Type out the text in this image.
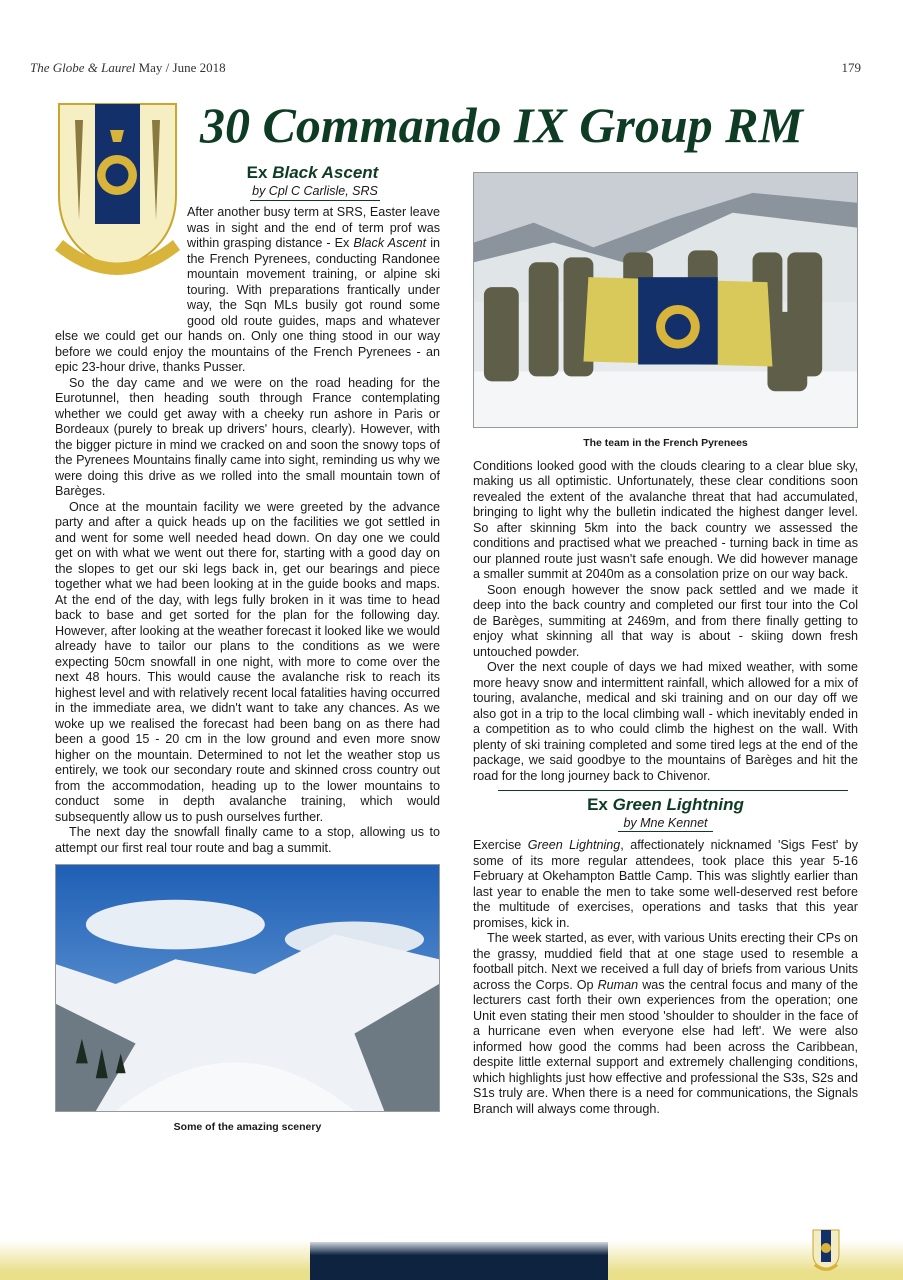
The Globe & Laurel May / June 2018	179
30 Commando IX Group RM
Ex Black Ascent
by Cpl C Carlisle, SRS

After another busy term at SRS, Easter leave was in sight and the end of term prof was within grasping distance - Ex Black Ascent in the French Pyrenees, conducting Randonee mountain movement training, or alpine ski touring. With preparations frantically under way, the Sqn MLs busily got round some good old route guides, maps and whatever else we could get our hands on. Only one thing stood in our way before we could enjoy the mountains of the French Pyrenees - an epic 23-hour drive, thanks Pusser.

So the day came and we were on the road heading for the Eurotunnel, then heading south through France contemplating whether we could get away with a cheeky run ashore in Paris or Bordeaux (purely to break up drivers' hours, clearly). However, with the bigger picture in mind we cracked on and soon the snowy tops of the Pyrenees Mountains finally came into sight, reminding us why we were doing this drive as we rolled into the small mountain town of Barèges.

Once at the mountain facility we were greeted by the advance party and after a quick heads up on the facilities we got settled in and went for some well needed head down. On day one we could get on with what we went out there for, starting with a good day on the slopes to get our ski legs back in, get our bearings and piece together what we had been looking at in the guide books and maps. At the end of the day, with legs fully broken in it was time to head back to base and get sorted for the plan for the following day. However, after looking at the weather forecast it looked like we would already have to tailor our plans to the conditions as we were expecting 50cm snowfall in one night, with more to come over the next 48 hours. This would cause the avalanche risk to reach its highest level and with relatively recent local fatalities having occurred in the immediate area, we didn't want to take any chances. As we woke up we realised the forecast had been bang on as there had been a good 15 - 20 cm in the low ground and even more snow higher on the mountain. Determined to not let the weather stop us entirely, we took our secondary route and skinned cross country out from the accommodation, heading up to the lower mountains to conduct some in depth avalanche training, which would subsequently allow us to push ourselves further.

The next day the snowfall finally came to a stop, allowing us to attempt our first real tour route and bag a summit.

Some of the amazing scenery
The team in the French Pyrenees

Conditions looked good with the clouds clearing to a clear blue sky, making us all optimistic. Unfortunately, these clear conditions soon revealed the extent of the avalanche threat that had accumulated, bringing to light why the bulletin indicated the highest danger level. So after skinning 5km into the back country we assessed the conditions and practised what we preached - turning back in time as our planned route just wasn't safe enough. We did however manage a smaller summit at 2040m as a consolation prize on our way back.

Soon enough however the snow pack settled and we made it deep into the back country and completed our first tour into the Col de Barèges, summiting at 2469m, and from there finally getting to enjoy what skinning all that way is about - skiing down fresh untouched powder.

Over the next couple of days we had mixed weather, with some more heavy snow and intermittent rainfall, which allowed for a mix of touring, avalanche, medical and ski training and on our day off we also got in a trip to the local climbing wall - which inevitably ended in a competition as to who could climb the highest on the wall. With plenty of ski training completed and some tired legs at the end of the package, we said goodbye to the mountains of Barèges and hit the road for the long journey back to Chivenor.

Ex Green Lightning
by Mne Kennet

Exercise Green Lightning, affectionately nicknamed 'Sigs Fest' by some of its more regular attendees, took place this year 5-16 February at Okehampton Battle Camp. This was slightly earlier than last year to enable the men to take some well-deserved rest before the multitude of exercises, operations and tasks that this year promises, kick in.

The week started, as ever, with various Units erecting their CPs on the grassy, muddied field that at one stage used to resemble a football pitch. Next we received a full day of briefs from various Units across the Corps. Op Ruman was the central focus and many of the lecturers cast forth their own experiences from the operation; one Unit even stating their men stood 'shoulder to shoulder in the face of a hurricane even when everyone else had left'. We were also informed how good the comms had been across the Caribbean, despite little external support and extremely challenging conditions, which highlights just how effective and professional the S3s, S2s and S1s truly are. When there is a need for communications, the Signals Branch will always come through.
